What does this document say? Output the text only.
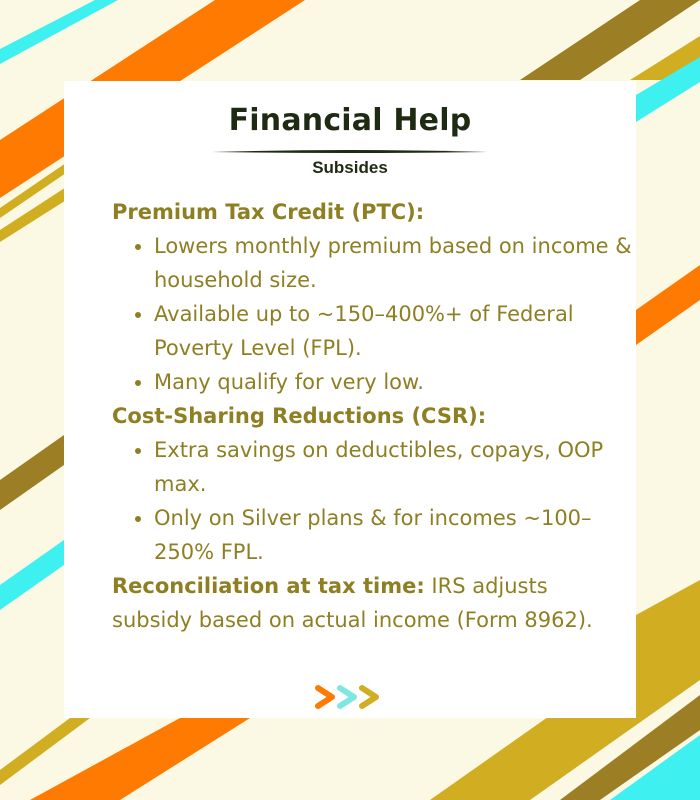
Financial Help
Subsides
Premium Tax Credit (PTC):
Lowers monthly premium based on income & household size.
Available up to ~150–400%+ of Federal Poverty Level (FPL).
Many qualify for very low.
Cost-Sharing Reductions (CSR):
Extra savings on deductibles, copays, OOP max.
Only on Silver plans & for incomes ~100–250% FPL.

Reconciliation at tax time: IRS adjusts subsidy based on actual income (Form 8962).
